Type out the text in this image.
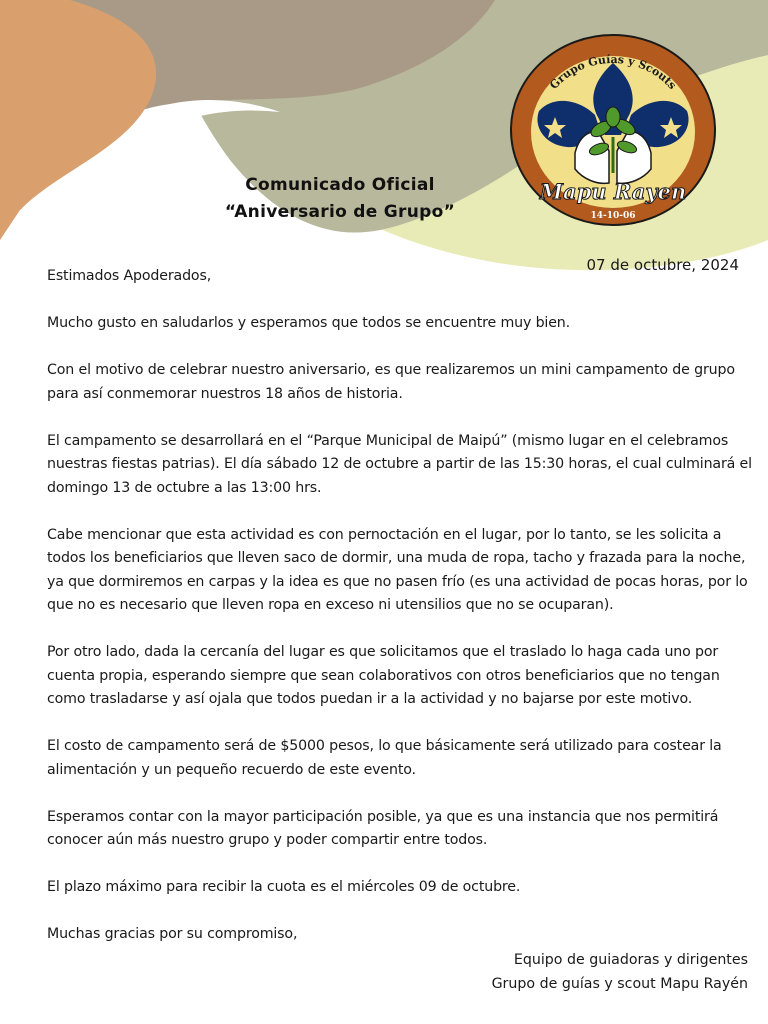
Grupo Guías y Scouts
Mapu Rayen
14-10-06
Comunicado Oficial
“Aniversario de Grupo”
07 de octubre, 2024

Estimados Apoderados,

Mucho gusto en saludarlos y esperamos que todos se encuentre muy bien.

Con el motivo de celebrar nuestro aniversario, es que realizaremos un mini campamento de grupo para así conmemorar nuestros 18 años de historia.

El campamento se desarrollará en el “Parque Municipal de Maipú” (mismo lugar en el celebramos nuestras fiestas patrias). El día sábado 12 de octubre a partir de las 15:30 horas, el cual culminará el domingo 13 de octubre a las 13:00 hrs.

Cabe mencionar que esta actividad es con pernoctación en el lugar, por lo tanto, se les solicita a todos los beneficiarios que lleven saco de dormir, una muda de ropa, tacho y frazada para la noche, ya que dormiremos en carpas y la idea es que no pasen frío (es una actividad de pocas horas, por lo que no es necesario que lleven ropa en exceso ni utensilios que no se ocuparan).

Por otro lado, dada la cercanía del lugar es que solicitamos que el traslado lo haga cada uno por cuenta propia, esperando siempre que sean colaborativos con otros beneficiarios que no tengan como trasladarse y así ojala que todos puedan ir a la actividad y no bajarse por este motivo.

El costo de campamento será de $5000 pesos, lo que básicamente será utilizado para costear la alimentación y un pequeño recuerdo de este evento.

Esperamos contar con la mayor participación posible, ya que es una instancia que nos permitirá conocer aún más nuestro grupo y poder compartir entre todos.

El plazo máximo para recibir la cuota es el miércoles 09 de octubre.

Muchas gracias por su compromiso,

Equipo de guiadoras y dirigentes
Grupo de guías y scout Mapu Rayén
